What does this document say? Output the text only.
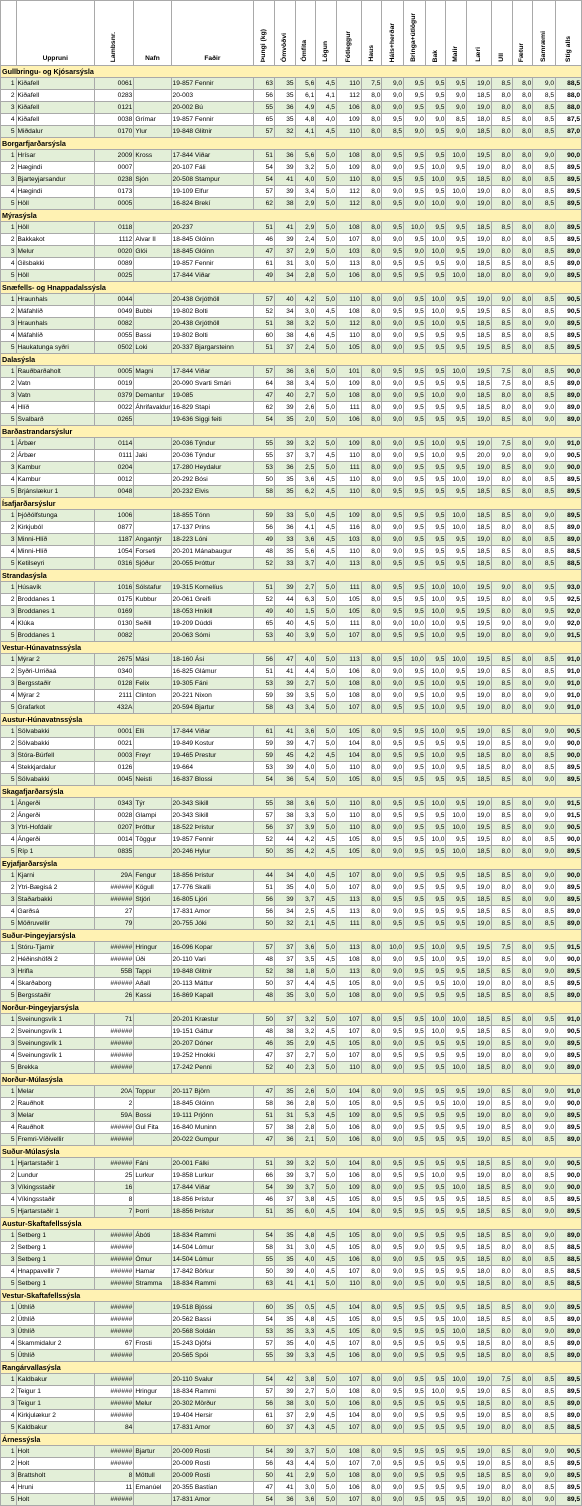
	Uppruni	Lambsnr.	Nafn	Faðir	Þungi (kg)	Ómvöðvi	Ómfita	Lögun	Fótleggur	Haus	Háls+herðar	Bringa+útlögur	Bak	Malir	Læri	Ull	Fætur	Samræmi	Stig alls
Gullbringu- og Kjósarsýsla																			
1	Kiðafell	0061		19-857 Fennir	63	35	5,6	4,5	110	7,5	9,0	9,5	9,5	9,5	19,0	8,5	8,0	9,0	88,5
2	Kiðafell	0283		20-003	56	35	6,1	4,1	112	8,0	9,0	9,5	9,5	9,0	18,5	8,0	8,0	8,5	88,0
3	Kiðafell	0121		20-002 Bú	55	36	4,9	4,5	106	8,0	9,0	9,5	9,5	9,0	19,0	8,0	8,0	8,5	88,0
4	Kiðafell	0038	Grímar	19-857 Fennir	65	35	4,8	4,0	109	8,0	9,5	9,0	9,0	8,5	18,0	8,5	8,0	8,5	87,5
5	Miðdalur	0170	Ylur	19-848 Glitnir	57	32	4,1	4,5	110	8,0	8,5	9,0	9,5	9,0	18,5	8,0	8,0	8,5	87,0
Borgarfjarðarsýsla																			
1	Hrísar	2009	Kross	17-844 Viðar	51	36	5,6	5,0	108	8,0	9,5	9,5	9,5	10,0	19,5	8,0	8,0	9,0	90,0
2	Hægindi	0007		20-107 Fáli	54	39	3,2	5,0	109	8,0	9,0	9,5	10,0	9,5	19,0	8,0	8,0	8,5	89,5
3	Bjarteyjarsandur	0238	Sjón	20-508 Stampur	54	41	4,0	5,0	110	8,0	9,5	9,5	10,0	9,5	18,5	8,0	8,0	8,5	89,5
4	Hægindi	0173		19-109 Elfur	57	39	3,4	5,0	112	8,0	9,0	9,5	9,5	10,0	19,0	8,0	8,0	8,5	89,5
5	Höll	0005		16-824 Brekí	62	38	2,9	5,0	112	8,0	9,5	9,0	10,0	9,0	19,0	8,0	8,0	8,5	89,5
Mýrasýsla																			
1	Höll	0118		20-237	51	41	2,9	5,0	108	8,0	9,5	10,0	9,5	9,5	18,5	8,5	8,0	8,0	89,5
2	Bakkakot	1112	Alvar II	18-845 Glóinn	46	39	2,4	5,0	107	8,0	9,0	9,5	10,0	9,5	19,0	8,0	8,0	8,5	89,5
3	Melur	0020	Glói	18-845 Glóinn	47	37	2,9	5,0	103	8,0	9,5	9,0	10,0	9,5	19,0	8,0	8,0	8,5	89,0
4	Gilsbakki	0089		19-857 Fennir	61	31	3,0	5,0	113	8,0	9,5	9,5	9,5	9,0	18,5	8,5	8,0	8,5	89,0
5	Höll	0025		17-844 Viðar	49	34	2,8	5,0	106	8,0	9,5	9,5	9,5	10,0	18,0	8,0	8,0	9,0	89,5
Snæfells- og Hnappadalssýsla																			
1	Hraunhals	0044		20-438 Grjóthöll	57	40	4,2	5,0	110	8,0	9,0	9,5	10,0	9,5	19,0	9,0	8,0	8,5	90,5
2	Máfahlíð	0049	Bubbi	19-802 Bolti	52	34	3,0	4,5	108	8,0	9,5	9,5	10,0	9,5	19,5	8,5	8,0	8,5	90,5
3	Hraunhals	0082		20-438 Grjóthöll	51	38	3,2	5,0	112	8,0	9,0	9,5	10,0	9,5	18,5	8,5	8,0	9,0	89,5
4	Máfahlíð	0055	Bassi	19-802 Bolti	60	38	4,6	4,5	110	8,0	9,0	9,5	9,5	9,5	18,5	8,5	8,0	8,5	89,5
5	Haukatunga syðri	0502	Loki	20-337 Bjargarsteinn	51	37	2,4	5,0	105	8,0	9,0	9,5	9,5	9,5	19,5	8,5	8,0	8,5	89,5
Dalasýsla																			
1	Rauðbarðaholt	0005	Magni	17-844 Viðar	57	36	3,6	5,0	101	8,0	9,5	9,5	9,5	10,0	19,5	7,5	8,0	8,5	90,0
2	Vatn	0019		20-090 Svarti Smári	64	38	3,4	5,0	109	8,0	9,0	9,5	9,5	9,5	18,5	7,5	8,0	8,5	89,0
3	Vatn	0379	Demantur	19-085	47	40	2,7	5,0	108	8,0	9,0	9,5	10,0	9,0	18,5	8,0	8,0	8,5	89,0
4	Hlíð	0022	Áhrifavaldur	16-829 Stapi	62	39	2,6	5,0	111	8,0	9,0	9,5	9,5	9,5	18,5	8,0	8,0	9,0	89,0
5	Svalbarð	0265		19-636 Siggi feiti	54	35	2,0	5,0	106	8,0	9,0	9,5	9,5	9,5	19,0	8,5	8,0	9,0	89,0
Barðastrandarsýslur																			
1	Árbær	0114		20-036 Týndur	55	39	3,2	5,0	109	8,0	9,0	9,5	10,0	9,5	19,0	7,5	8,0	9,0	91,0
2	Árbær	0111	Jaki	20-036 Týndur	55	37	3,7	4,5	110	8,0	9,0	9,5	10,0	9,5	20,0	9,0	8,0	9,0	90,5
3	Kambur	0204		17-280 Heydalur	53	36	2,5	5,0	111	8,0	9,0	9,5	9,5	9,5	19,0	8,5	8,0	9,0	90,0
4	Kambur	0012		20-292 Bósi	50	35	3,6	4,5	110	8,0	9,0	9,5	9,5	10,0	19,0	8,0	8,0	8,5	89,5
5	Brjánslækur 1	0048		20-232 Elvis	58	35	6,2	4,5	110	8,0	9,5	9,5	9,5	9,5	18,5	8,5	8,0	8,5	89,5
Ísafjarðarsýslur																			
1	Þjóðólfstunga	1006		18-855 Tónn	59	33	5,0	4,5	109	8,0	9,5	9,5	9,5	10,0	18,5	8,5	8,0	9,0	89,5
2	Kirkjuból	0877		17-137 Prins	56	36	4,1	4,5	116	8,0	9,0	9,5	9,5	10,0	18,5	8,0	8,0	8,5	89,0
3	Minni-Hlíð	1187	Angantýr	18-223 Lóni	49	33	3,6	4,5	103	8,0	9,0	9,5	9,5	9,5	19,0	8,0	8,0	8,5	89,0
4	Minni-Hlíð	1054	Forseti	20-201 Mánabaugur	48	35	5,6	4,5	110	8,0	9,0	9,5	9,5	9,5	18,5	8,5	8,0	8,5	88,5
5	Ketilseyri	0316	Sjóður	20-055 Þróttur	52	33	3,7	4,0	113	8,0	9,5	9,5	9,5	9,5	18,5	8,0	8,0	8,5	88,5
Strandasýsla																			
1	Húsavík	1016	Sólstafur	19-315 Kornelíus	51	39	2,7	5,0	111	8,0	9,5	9,5	10,0	10,0	19,5	9,0	8,0	9,5	93,0
2	Broddanes 1	0175	Kubbur	20-061 Greifi	52	44	6,3	5,0	105	8,0	9,5	9,5	10,0	9,5	19,5	8,0	8,0	9,5	92,5
3	Broddanes 1	0169		18-053 Hnikill	49	40	1,5	5,0	105	8,0	9,5	9,5	10,0	9,5	19,5	8,0	8,0	9,5	92,0
4	Klúka	0130	Seðill	19-209 Dúddi	65	40	4,5	5,0	111	8,0	9,0	10,0	10,0	9,5	19,5	9,0	8,0	9,0	92,0
5	Broddanes 1	0082		20-063 Sómi	53	40	3,9	5,0	107	8,0	9,5	9,5	10,0	9,5	19,0	8,0	8,0	9,0	91,5
Vestur-Húnavatnssýsla																			
1	Mýrar 2	2675	Mási	18-160 Ási	56	47	4,0	5,0	113	8,0	9,5	10,0	9,5	10,0	19,5	8,5	8,0	8,5	91,0
2	Syðri-Urriðaá	0340		16-825 Glámur	51	41	4,4	5,0	106	8,0	9,0	9,5	10,0	9,5	19,0	8,5	8,0	8,5	91,0
3	Bergsstaðir	0128	Felix	19-305 Fáni	53	39	2,7	5,0	108	8,0	9,0	9,5	10,0	9,5	19,0	8,5	8,0	9,0	91,0
4	Mýrar 2	2111	Clinton	20-221 Nixon	59	39	3,5	5,0	108	8,0	9,0	9,5	10,0	9,5	19,0	8,0	8,0	9,0	91,0
5	Grafarkot	432A		20-594 Bjartur	58	43	3,4	5,0	107	8,0	9,5	9,5	10,0	9,5	19,0	8,0	8,0	9,0	91,0
Austur-Húnavatnssýsla																			
1	Sölvabakki	0001	Elli	17-844 Viðar	61	41	3,6	5,0	105	8,0	9,5	9,5	10,0	9,5	19,0	8,5	8,0	9,0	90,5
2	Sölvabakki	0021		19-849 Kostur	59	39	4,7	5,0	104	8,0	9,5	9,5	9,5	9,5	19,0	8,5	8,0	9,0	90,0
3	Stóra-Búrfell	0003	Freyr	19-465 Prestur	59	45	4,2	4,5	104	8,0	9,5	9,5	10,0	9,5	18,5	8,0	8,0	8,5	90,0
4	Stekkjardalur	0126		19-664	53	39	4,0	5,0	110	8,0	9,0	9,5	10,0	9,5	18,5	8,0	8,0	8,5	89,5
5	Sölvabakki	0045	Neisti	16-837 Blossi	54	36	5,4	5,0	105	8,0	9,5	9,5	9,5	9,5	18,5	8,5	8,0	9,0	89,5
Skagafjarðarsýsla																			
1	Ángerði	0343	Týr	20-343 Sikill	55	38	3,6	5,0	110	8,0	9,5	9,5	10,0	9,5	19,0	8,5	8,0	9,0	91,5
2	Ángerði	0028	Glampi	20-343 Sikill	57	38	3,3	5,0	110	8,0	9,5	9,5	9,5	10,0	19,0	8,5	8,0	9,0	91,5
3	Ytri-Hofdalir	0207	Þróttur	18-522 Þristur	56	37	3,9	5,0	110	8,0	9,0	9,5	9,5	10,0	19,5	8,5	8,0	9,0	90,5
4	Ángerði	0014	Töggur	19-857 Fennir	52	44	4,2	4,5	105	8,0	9,5	9,5	10,0	9,5	19,5	8,0	8,0	8,5	90,0
5	Ríp 1	0835		20-246 Hylur	50	35	4,2	4,5	105	8,0	9,0	9,5	9,5	10,0	18,5	8,0	8,0	9,0	89,5
Eyjafjarðarsýsla																			
1	Kjarni	29A	Fengur	18-856 Þristur	44	34	4,0	4,5	107	8,0	9,0	9,5	9,5	9,5	18,5	8,5	8,0	9,0	90,0
2	Ytri-Bægisá 2	######	Kögull	17-776 Skalli	51	35	4,0	5,0	107	8,0	9,0	9,5	9,5	9,5	19,0	8,0	8,0	9,0	89,5
3	Staðarbakki	######	Stjóri	16-805 Ljóri	56	39	3,7	4,5	113	8,0	9,5	9,5	9,5	9,5	18,5	8,5	8,0	9,0	89,5
4	Garðsá	27		17-831 Amor	56	34	2,5	4,5	113	8,0	9,0	9,5	9,5	9,5	18,5	8,5	8,0	8,5	89,0
5	Möðruvellir	79		20-755 Jóki	50	32	2,1	4,5	111	8,0	9,5	9,5	9,5	9,5	19,0	8,5	8,0	8,5	89,0
Suður-Þingeyjarsýsla																			
1	Stóru-Tjarnir	######	Hringur	16-096 Kopar	57	37	3,6	5,0	113	8,0	10,0	9,5	10,0	9,5	19,5	7,5	8,0	9,5	91,5
2	Héðinshöfði 2	######	Úði	20-110 Vari	48	37	3,5	4,5	108	8,0	9,0	9,5	10,0	9,5	19,0	8,5	8,0	9,0	90,0
3	Hrifla	55B	Tappi	19-848 Glitnir	52	38	1,8	5,0	113	8,0	9,0	9,5	9,5	9,5	18,5	8,5	8,0	9,0	89,5
4	Skarðaborg	######	Aðall	20-113 Máttur	50	37	4,4	4,5	105	8,0	9,0	9,5	9,5	10,0	19,0	8,0	8,0	8,5	89,5
5	Bergsstaðir	26	Kassi	16-869 Kapall	48	35	3,0	5,0	108	8,0	9,0	9,5	9,5	9,5	18,5	8,5	8,0	8,5	89,0
Norður-Þingeyjarsýsla																			
1	Sveinungsvík 1	71		20-201 Kræstur	50	37	3,2	5,0	107	8,0	9,5	9,5	10,0	10,0	18,5	8,5	8,0	9,5	91,0
2	Sveinungsvík 1	######		19-151 Gáttur	48	38	3,2	4,5	107	8,0	9,5	9,5	10,0	9,5	18,5	8,5	8,0	9,0	90,5
3	Sveinungsvík 1	######		20-207 Dóner	46	35	2,9	4,5	105	8,0	9,0	9,5	9,5	9,5	19,0	8,5	8,0	9,0	89,5
4	Sveinungsvík 1	######		19-252 Hnokki	47	37	2,7	5,0	107	8,0	9,5	9,5	9,5	9,5	19,0	8,0	8,0	9,0	89,5
5	Brekka	######		17-242 Penni	52	40	2,3	5,0	110	8,0	9,0	9,5	9,5	10,0	18,5	8,0	8,0	9,0	89,0
Norður-Múlasýsla																			
1	Melar	20A	Toppur	20-117 Björn	47	35	2,6	5,0	104	8,0	9,0	9,5	9,5	9,5	19,0	8,5	8,0	9,0	91,0
2	Rauðholt	2		18-845 Glóinn	58	36	2,8	5,0	105	8,0	9,5	9,5	9,5	10,0	19,0	8,5	8,0	9,0	90,0
3	Melar	59A	Bossi	19-111 Prjónn	51	31	5,3	4,5	109	8,0	9,5	9,5	9,5	9,5	19,0	8,0	8,0	9,0	89,5
4	Rauðholt	######	Gul Fita	16-840 Muninn	57	38	2,8	5,0	106	8,0	9,0	9,5	9,5	9,5	19,0	8,5	8,0	9,0	89,5
5	Fremri-Víðivellir	######		20-022 Gumpur	47	36	2,1	5,0	106	8,0	9,0	9,5	9,5	9,5	19,0	8,5	8,0	8,5	89,0
Suður-Múlasýsla																			
1	Hjartarstaðir 1	######	Fáni	20-001 Fálki	51	39	3,2	5,0	104	8,0	9,5	9,5	9,5	9,5	18,5	8,5	8,0	9,0	90,5
2	Lundur	25	Lurkur	19-858 Lurkur	66	39	3,7	5,0	106	8,0	9,5	9,5	10,0	9,5	19,0	8,0	8,0	8,5	90,0
3	Víkingsstaðir	16		17-844 Viðar	54	39	3,7	5,0	109	8,0	9,0	9,5	9,5	10,0	18,5	8,5	8,0	9,0	90,0
4	Víkingsstaðir	8		18-856 Þristur	46	37	3,8	4,5	105	8,0	9,5	9,5	9,5	9,5	18,5	8,5	8,0	8,5	89,5
5	Hjartarstaðir 1	7	Þorri	18-856 Þristur	51	35	6,0	4,5	104	8,0	9,5	9,5	9,5	9,5	18,5	8,5	8,0	9,0	89,5
Austur-Skaftafellssýsla																			
1	Setberg 1	######	Ábóti	18-834 Rammi	54	35	4,8	4,5	105	8,0	9,0	9,5	9,5	9,5	18,5	8,5	8,0	9,0	89,0
2	Setberg 1	######		14-504 Lómur	58	31	3,0	4,5	105	8,0	9,5	9,0	9,5	9,5	18,5	8,0	8,0	8,5	88,5
3	Setberg 1	######	Ómur	14-504 Lómur	55	35	4,0	4,5	106	8,0	9,0	9,5	9,5	9,5	18,5	8,0	8,0	8,5	88,5
4	Hnappavellir 7	######	Hamar	17-842 Börkur	50	39	4,0	4,5	107	8,0	9,0	9,5	9,5	9,5	18,0	8,0	8,0	8,5	88,5
5	Setberg 1	######	Stramma	18-834 Rammi	63	41	4,1	5,0	110	8,0	9,0	9,5	9,0	9,5	18,5	8,0	8,0	8,5	88,5
Vestur-Skaftafellssýsla																			
1	Úthlíð	######		19-518 Bjóssi	60	35	0,5	4,5	104	8,0	9,5	9,5	9,5	9,5	18,5	8,5	8,0	9,0	89,5
2	Úthlíð	######		20-562 Bassi	54	35	4,8	4,5	105	8,0	9,5	9,5	9,5	10,0	18,5	8,5	8,0	8,5	89,0
3	Úthlíð	######		20-568 Soldán	53	35	3,3	4,5	105	8,0	9,5	9,5	9,5	10,0	18,5	8,0	8,0	9,0	89,0
4	Skammidalur 2	67	Frosti	15-243 Djöfsi	57	35	4,0	4,5	107	8,0	9,5	9,5	9,5	9,5	18,5	8,0	8,0	8,5	89,0
5	Úthlíð	######		20-565 Spói	55	39	3,3	4,5	106	8,0	9,0	9,5	9,5	9,5	18,5	8,0	8,0	8,5	89,0
Rangárvallasýsla																			
1	Kaldbakur	######		20-110 Svalur	54	42	3,8	5,0	107	8,0	9,0	9,5	9,5	10,0	19,0	7,5	8,0	8,5	89,5
2	Teigur 1	######	Hringur	18-834 Rammi	57	39	2,7	5,0	108	8,0	9,5	9,5	10,0	9,5	19,0	8,5	8,0	8,5	89,5
3	Teigur 1	######	Melur	20-302 Mörður	56	38	3,0	5,0	106	8,0	9,5	9,5	9,5	9,5	18,5	8,0	8,0	8,5	89,0
4	Kirkjulækur 2	######		19-404 Hersir	61	37	2,9	4,5	104	8,0	9,0	9,5	9,5	9,5	19,0	8,5	8,0	8,5	89,0
5	Kaldbakur	84		17-831 Amor	60	37	4,3	4,5	107	8,0	9,0	9,5	9,5	9,5	19,0	8,0	8,0	8,5	88,5
Árnessýsla																			
1	Holt	######	Bjartur	20-009 Rosti	54	39	3,7	5,0	108	8,0	9,5	9,5	9,5	9,5	19,0	8,5	8,0	9,0	90,5
2	Holt	######		20-009 Rosti	56	43	4,4	5,0	107	7,0	9,5	9,5	9,5	9,5	19,0	8,5	8,0	8,5	89,5
3	Brattsholt	8	Möttull	20-009 Rosti	50	41	2,9	5,0	108	8,0	9,0	9,5	9,5	9,5	18,5	8,5	8,0	9,0	89,5
4	Hruni	11	Emanúel	20-355 Bastían	47	41	3,0	5,0	106	8,0	9,0	9,5	9,5	9,5	19,0	8,0	8,0	8,5	89,5
5	Holt	######		17-831 Amor	54	36	3,6	5,0	107	8,0	9,0	9,5	9,5	9,5	19,0	8,0	8,0	9,0	89,5
